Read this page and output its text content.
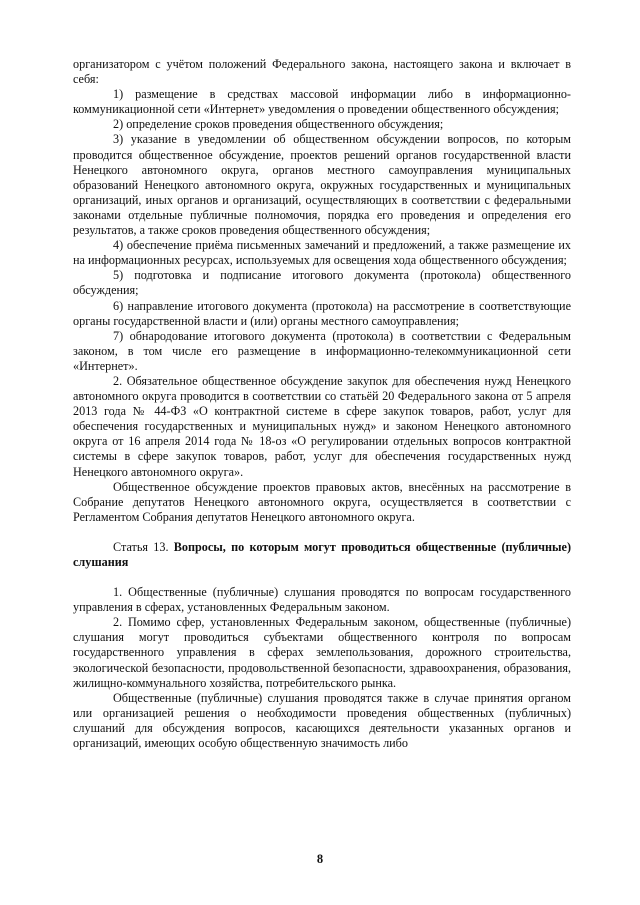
организатором с учётом положений Федерального закона, настоящего закона и включает в себя:

1) размещение в средствах массовой информации либо в информационно-коммуникационной сети «Интернет» уведомления о проведении общественного обсуждения;

2) определение сроков проведения общественного обсуждения;

3) указание в уведомлении об общественном обсуждении вопросов, по которым проводится общественное обсуждение, проектов решений органов государственной власти Ненецкого автономного округа, органов местного самоуправления муниципальных образований Ненецкого автономного округа, окружных государственных и муниципальных организаций, иных органов и организаций, осуществляющих в соответствии с федеральными законами отдельные публичные полномочия, порядка его проведения и определения его результатов, а также сроков проведения общественного обсуждения;

4) обеспечение приёма письменных замечаний и предложений, а также размещение их на информационных ресурсах, используемых для освещения хода общественного обсуждения;

5) подготовка и подписание итогового документа (протокола) общественного обсуждения;

6) направление итогового документа (протокола) на рассмотрение в соответствующие органы государственной власти и (или) органы местного самоуправления;

7) обнародование итогового документа (протокола) в соответствии с Федеральным законом, в том числе его размещение в информационно-телекоммуникационной сети «Интернет».

2. Обязательное общественное обсуждение закупок для обеспечения нужд Ненецкого автономного округа проводится в соответствии со статьёй 20 Федерального закона от 5 апреля 2013 года № 44-ФЗ «О контрактной системе в сфере закупок товаров, работ, услуг для обеспечения государственных и муниципальных нужд» и законом Ненецкого автономного округа от 16 апреля 2014 года № 18-оз «О регулировании отдельных вопросов контрактной системы в сфере закупок товаров, работ, услуг для обеспечения государственных нужд Ненецкого автономного округа».

Общественное обсуждение проектов правовых актов, внесённых на рассмотрение в Собрание депутатов Ненецкого автономного округа, осуществляется в соответствии с Регламентом Собрания депутатов Ненецкого автономного округа.

Статья 13. Вопросы, по которым могут проводиться общественные (публичные) слушания

1. Общественные (публичные) слушания проводятся по вопросам государственного управления в сферах, установленных Федеральным законом.

2. Помимо сфер, установленных Федеральным законом, общественные (публичные) слушания могут проводиться субъектами общественного контроля по вопросам государственного управления в сферах землепользования, дорожного строительства, экологической безопасности, продовольственной безопасности, здравоохранения, образования, жилищно-коммунального хозяйства, потребительского рынка.

Общественные (публичные) слушания проводятся также в случае принятия органом или организацией решения о необходимости проведения общественных (публичных) слушаний для обсуждения вопросов, касающихся деятельности указанных органов и организаций, имеющих особую общественную значимость либо

8
